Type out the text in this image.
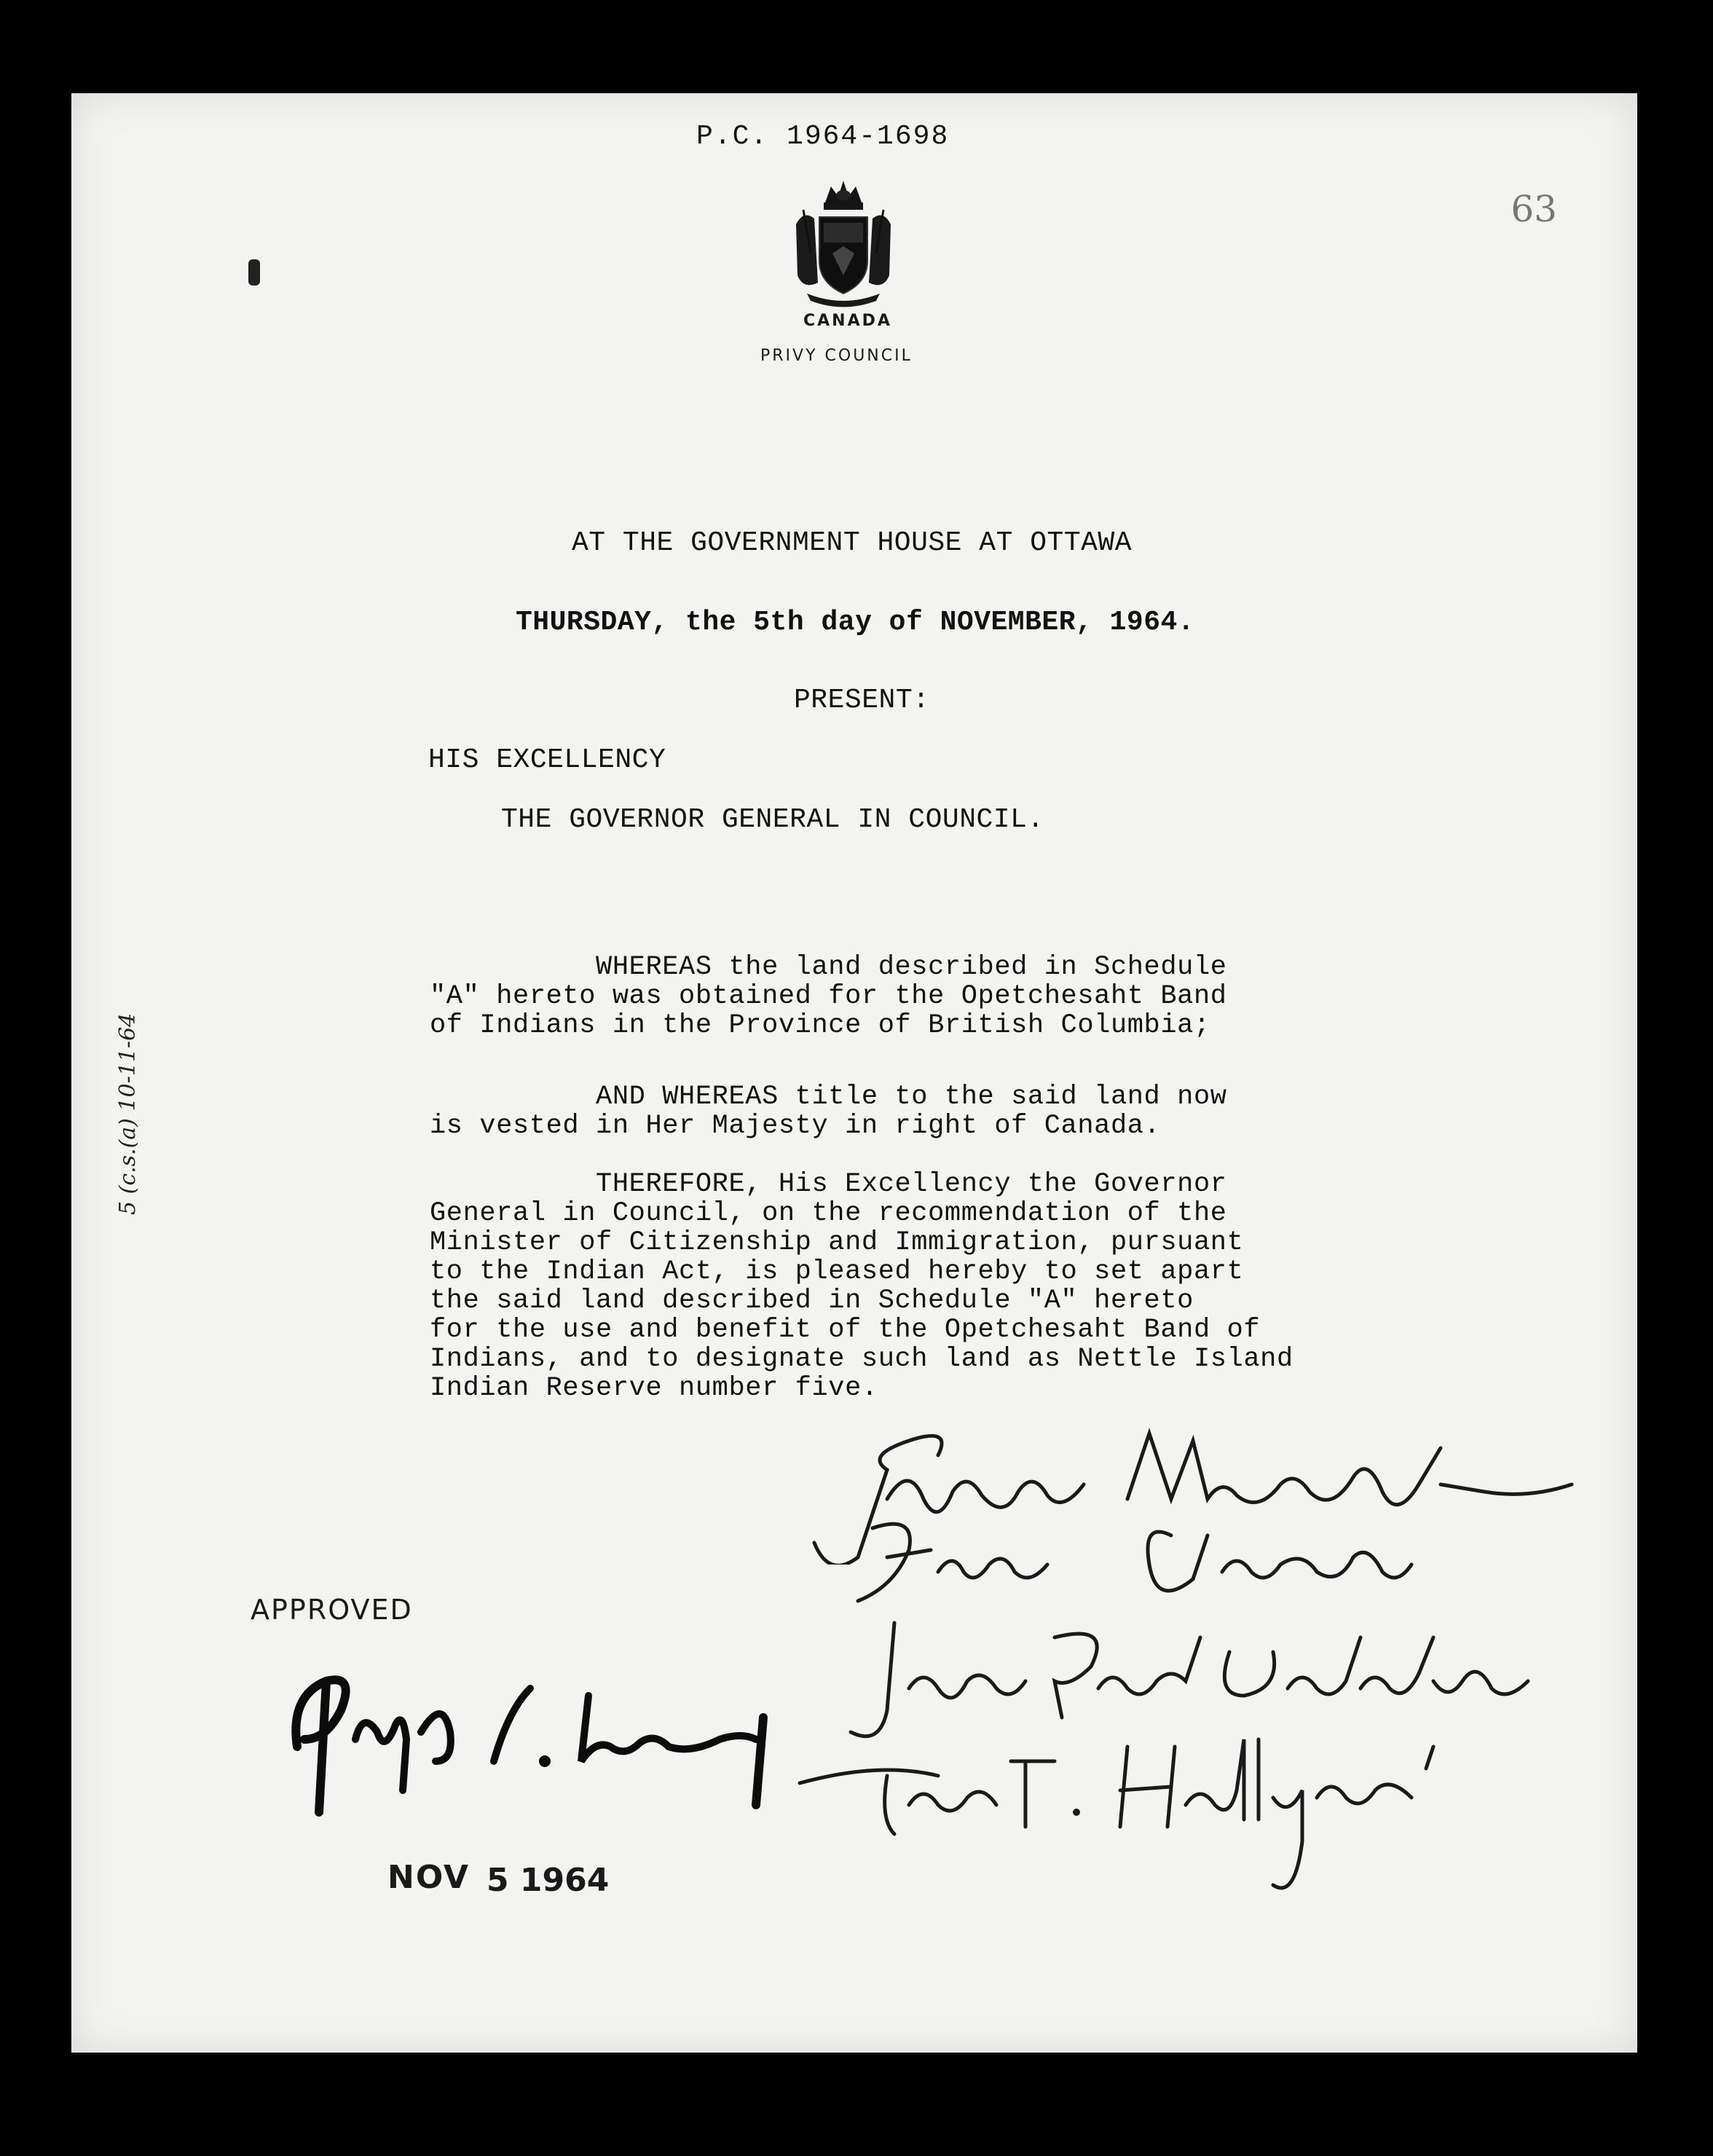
63
P.C. 1964-1698
CANADA
PRIVY COUNCIL
AT THE GOVERNMENT HOUSE AT OTTAWA
THURSDAY, the 5th day of NOVEMBER, 1964.
PRESENT:
HIS EXCELLENCY
THE GOVERNOR GENERAL IN COUNCIL.
WHEREAS the land described in Schedule
"A" hereto was obtained for the Opetchesaht Band
of Indians in the Province of British Columbia;
AND WHEREAS title to the said land now
is vested in Her Majesty in right of Canada.
THEREFORE, His Excellency the Governor
General in Council, on the recommendation of the
Minister of Citizenship and Immigration, pursuant
to the Indian Act, is pleased hereby to set apart
the said land described in Schedule "A" hereto
for the use and benefit of the Opetchesaht Band of
Indians, and to designate such land as Nettle Island
Indian Reserve number five.
5 (c.s.(a) 10-11-64
APPROVED
NOV 5 1964
